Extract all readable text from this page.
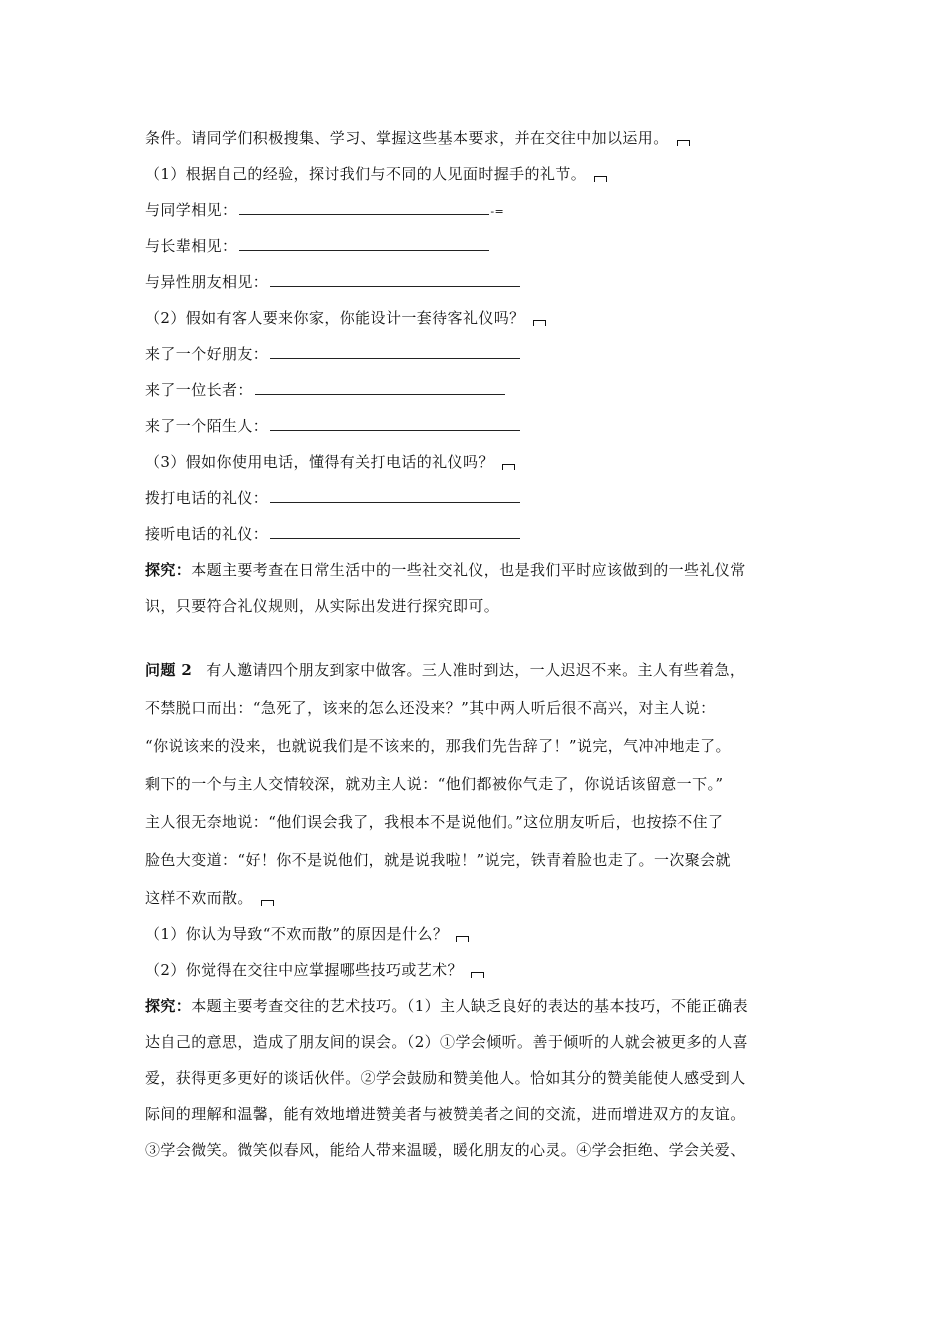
条件。请同学们积极搜集、学习、掌握这些基本要求，并在交往中加以运用。
（1）根据自己的经验，探讨我们与不同的人见面时握手的礼节。
与同学相见：	-=
与长辈相见：
与异性朋友相见：
（2）假如有客人要来你家，你能设计一套待客礼仪吗？
来了一个好朋友：
来了一位长者：
来了一个陌生人：
（3）假如你使用电话，懂得有关打电话的礼仪吗？
拨打电话的礼仪：
接听电话的礼仪：
探究：本题主要考查在日常生活中的一些社交礼仪，也是我们平时应该做到的一些礼仪常
识，只要符合礼仪规则，从实际出发进行探究即可。
问题 2 有人邀请四个朋友到家中做客。三人准时到达，一人迟迟不来。主人有些着急，
不禁脱口而出：“急死了，该来的怎么还没来？”其中两人听后很不高兴，对主人说：
“你说该来的没来，也就说我们是不该来的，那我们先告辞了！”说完，气冲冲地走了。
剩下的一个与主人交情较深，就劝主人说：“他们都被你气走了，你说话该留意一下。”
主人很无奈地说：“他们误会我了，我根本不是说他们。”这位朋友听后，也按捺不住了
脸色大变道：“好！你不是说他们，就是说我啦！”说完，铁青着脸也走了。一次聚会就
这样不欢而散。
（1）你认为导致“不欢而散”的原因是什么？
（2）你觉得在交往中应掌握哪些技巧或艺术？
探究：本题主要考查交往的艺术技巧。（1）主人缺乏良好的表达的基本技巧，不能正确表
达自己的意思，造成了朋友间的误会。（2）①学会倾听。善于倾听的人就会被更多的人喜
爱，获得更多更好的谈话伙伴。②学会鼓励和赞美他人。恰如其分的赞美能使人感受到人
际间的理解和温馨，能有效地增进赞美者与被赞美者之间的交流，进而增进双方的友谊。
③学会微笑。微笑似春风，能给人带来温暖，暖化朋友的心灵。④学会拒绝、学会关爱、
